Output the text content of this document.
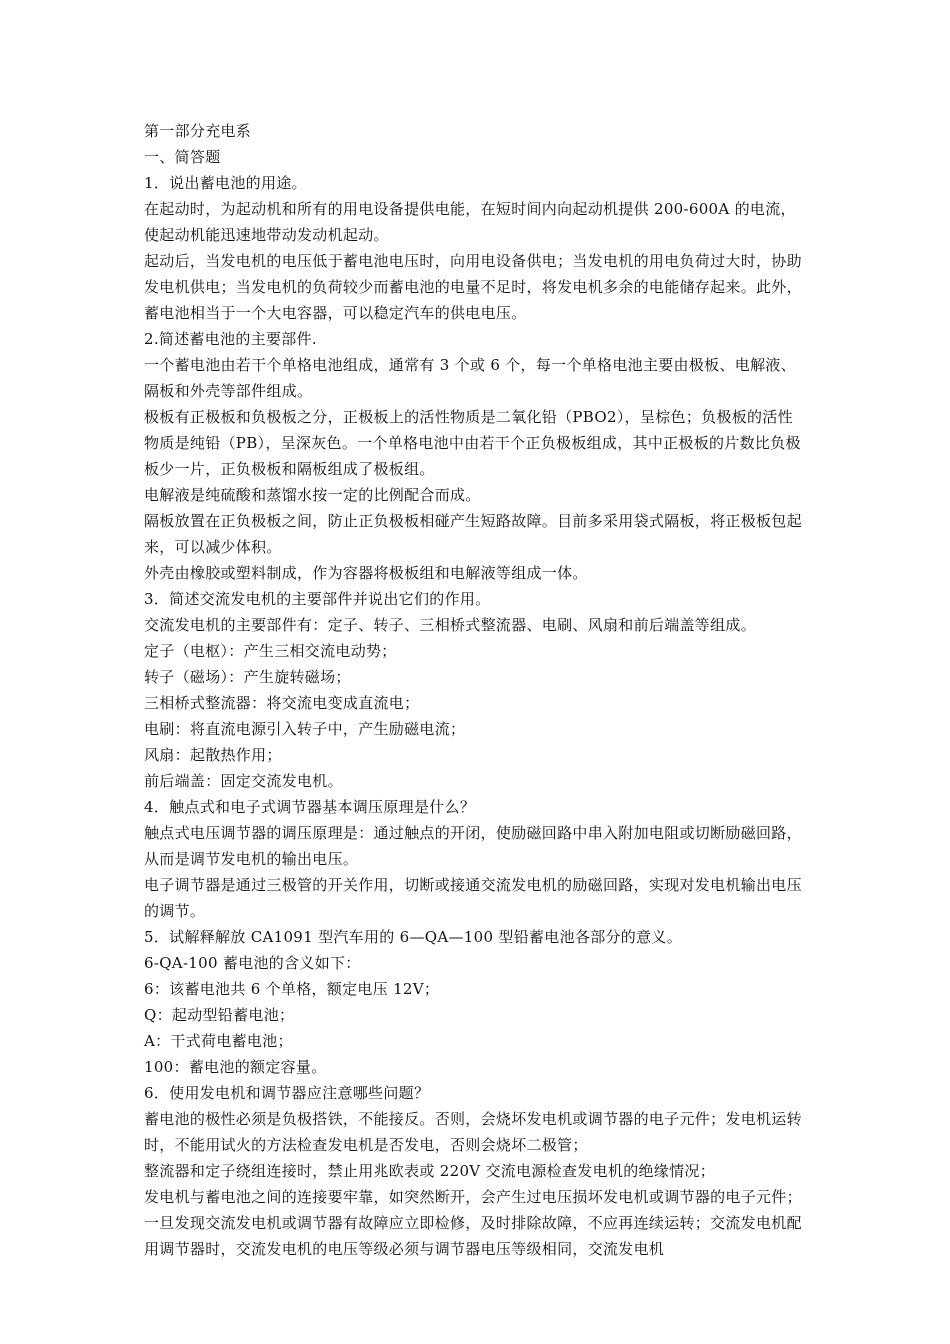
第一部分充电系

一、简答题

1．说出蓄电池的用途。

在起动时，为起动机和所有的用电设备提供电能，在短时间内向起动机提供 200-600A 的电流，使起动机能迅速地带动发动机起动。

起动后，当发电机的电压低于蓄电池电压时，向用电设备供电；当发电机的用电负荷过大时，协助发电机供电；当发电机的负荷较少而蓄电池的电量不足时，将发电机多余的电能储存起来。此外，蓄电池相当于一个大电容器，可以稳定汽车的供电电压。

2.简述蓄电池的主要部件.

一个蓄电池由若干个单格电池组成，通常有 3 个或 6 个，每一个单格电池主要由极板、电解液、隔板和外壳等部件组成。

极板有正极板和负极板之分，正极板上的活性物质是二氧化铅（PBO2），呈棕色；负极板的活性物质是纯铅（PB），呈深灰色。一个单格电池中由若干个正负极板组成，其中正极板的片数比负极板少一片，正负极板和隔板组成了极板组。

电解液是纯硫酸和蒸馏水按一定的比例配合而成。

隔板放置在正负极板之间，防止正负极板相碰产生短路故障。目前多采用袋式隔板，将正极板包起来，可以减少体积。

外壳由橡胶或塑料制成，作为容器将极板组和电解液等组成一体。

3．简述交流发电机的主要部件并说出它们的作用。

交流发电机的主要部件有：定子、转子、三相桥式整流器、电刷、风扇和前后端盖等组成。

定子（电枢）：产生三相交流电动势；

转子（磁场）：产生旋转磁场；

三相桥式整流器：将交流电变成直流电；

电刷：将直流电源引入转子中，产生励磁电流；

风扇：起散热作用；

前后端盖：固定交流发电机。

4．触点式和电子式调节器基本调压原理是什么？

触点式电压调节器的调压原理是：通过触点的开闭，使励磁回路中串入附加电阻或切断励磁回路，从而是调节发电机的输出电压。

电子调节器是通过三极管的开关作用，切断或接通交流发电机的励磁回路，实现对发电机输出电压的调节。

5．试解释解放 CA1091 型汽车用的 6—QA—100 型铅蓄电池各部分的意义。

6-QA-100 蓄电池的含义如下：

6：该蓄电池共 6 个单格，额定电压 12V；

Q：起动型铅蓄电池；

A：干式荷电蓄电池；

100：蓄电池的额定容量。

6．使用发电机和调节器应注意哪些问题？

蓄电池的极性必须是负极搭铁，不能接反。否则，会烧坏发电机或调节器的电子元件；发电机运转时，不能用试火的方法检查发电机是否发电，否则会烧坏二极管；

整流器和定子绕组连接时，禁止用兆欧表或 220V 交流电源检查发电机的绝缘情况；

发电机与蓄电池之间的连接要牢靠，如突然断开，会产生过电压损坏发电机或调节器的电子元件；一旦发现交流发电机或调节器有故障应立即检修，及时排除故障，不应再连续运转；交流发电机配用调节器时，交流发电机的电压等级必须与调节器电压等级相同，交流发电机
